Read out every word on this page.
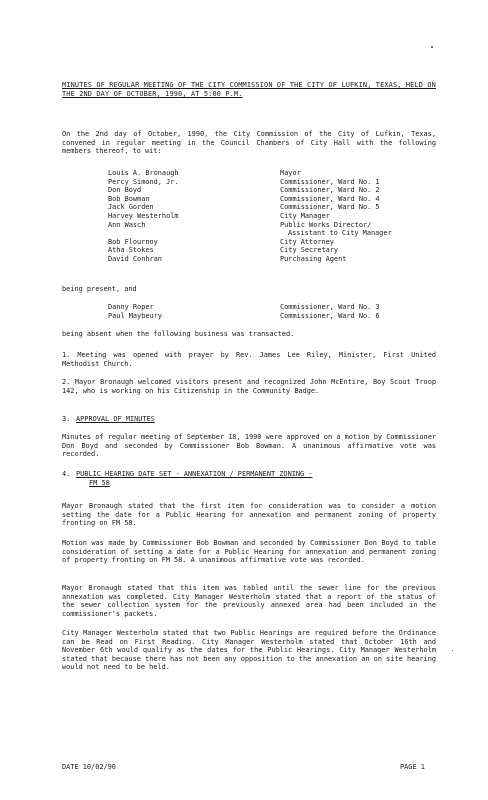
MINUTES OF REGULAR MEETING OF THE CITY COMMISSION OF THE CITY OF LUFKIN, TEXAS, HELD ON THE 2ND DAY OF OCTOBER, 1990, AT 5:00 P.M.
On the 2nd day of October, 1990, the City Commission of the City of Lufkin, Texas, convened in regular meeting in the Council Chambers of City Hall with the following members thereof, to wit:
Louis A. Bronaugh	Mayor
Percy Simond, Jr.	Commissioner, Ward No. 1
Don Boyd	Commissioner, Ward No. 2
Bob Bowman	Commissioner, Ward No. 4
Jack Gorden	Commissioner, Ward No. 5
Harvey Westerholm	City Manager
Ann Wasch	Public Works Director/
Assistant to City Manager
Bob Flournoy	City Attorney
Atha Stokes	City Secretary
David Conhran	Purchasing Agent
being present, and
Danny Roper	Commissioner, Ward No. 3
Paul Maybeury	Commissioner, Ward No. 6
being absent when the following business was transacted.
1. Meeting was opened with prayer by Rev. James Lee Riley, Minister, First United Methodist Church.
2. Mayor Bronaugh welcomed visitors present and recognized John McEntire, Boy Scout Troop 142, who is working on his Citizenship in the Community Badge.
3. APPROVAL OF MINUTES
Minutes of regular meeting of September 18, 1990 were approved on a motion by Commissioner Don Boyd and seconded by Commissioner Bob Bowman. A unanimous affirmative vote was recorded.
4. PUBLIC HEARING DATE SET - ANNEXATION / PERMANENT ZONING -
FM 58
Mayor Bronaugh stated that the first item for consideration was to consider a motion setting the date for a Public Hearing for annexation and permanent zoning of property fronting on FM 58.
Motion was made by Commissioner Bob Bowman and seconded by Commissioner Don Boyd to table consideration of setting a date for a Public Hearing for annexation and permanent zoning of property fronting on FM 58. A unanimous affirmative vote was recorded.
Mayor Bronaugh stated that this item was tabled until the sewer line for the previous annexation was completed. City Manager Westerholm stated that a report of the status of the sewer collection system for the previously annexed area had been included in the commissioner's packets.
City Manager Westerholm stated that two Public Hearings are required before the Ordinance can be Read on First Reading. City Manager Westerholm stated that October 16th and November 6th would qualify as the dates for the Public Hearings. City Manager Westerholm stated that because there has not been any opposition to the annexation an on site hearing would not need to be held.
DATE 10/02/90	PAGE 1
